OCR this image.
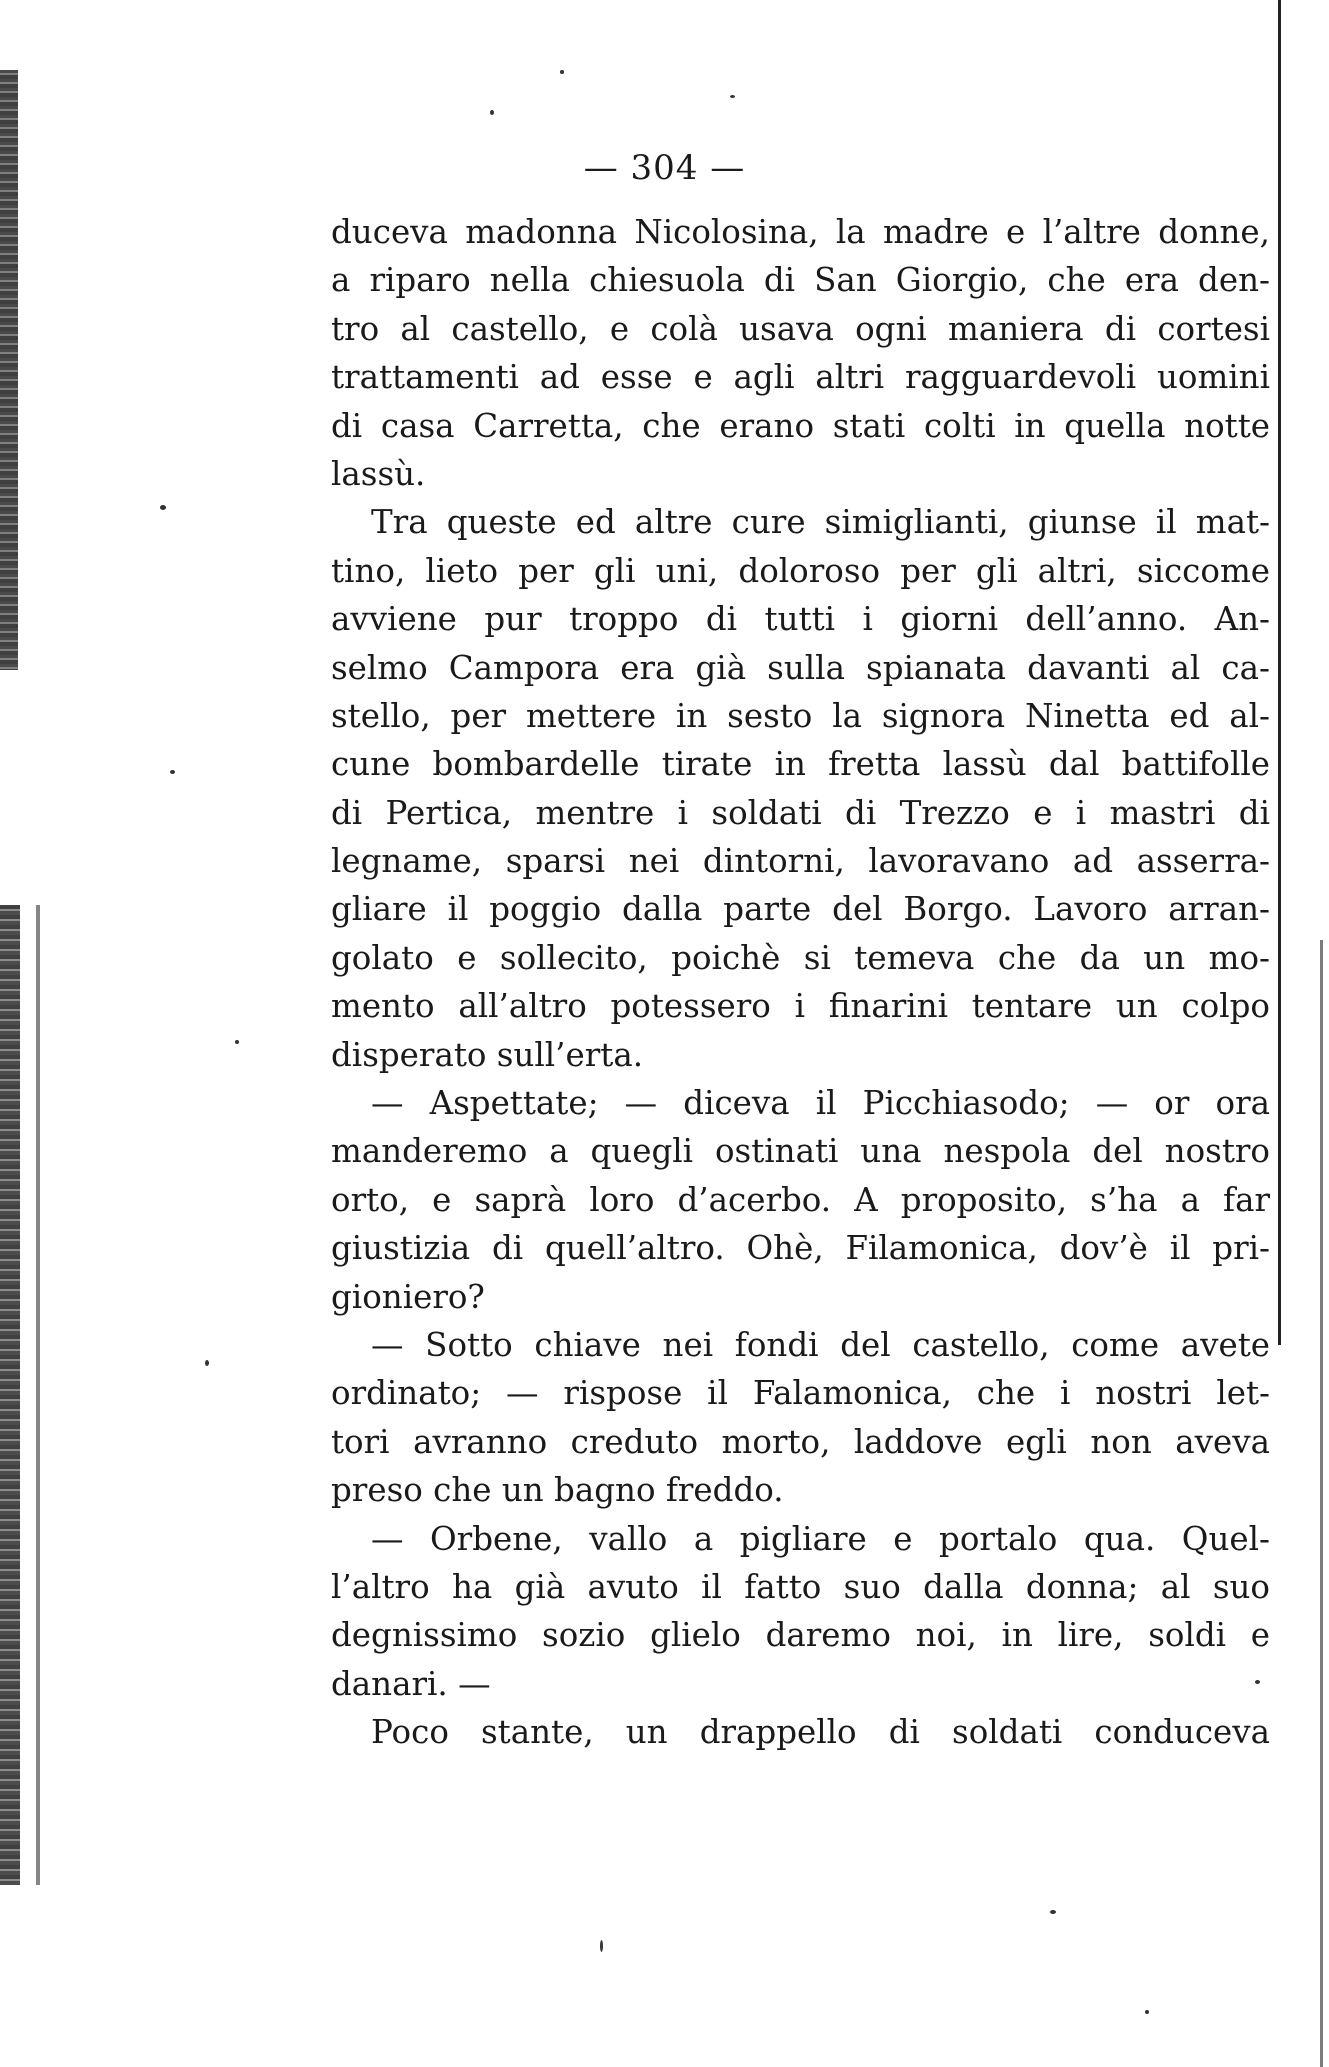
— 304 —
duceva madonna Nicolosina, la madre e l’altre donne,
a riparo nella chiesuola di San Giorgio, che era den-
tro al castello, e colà usava ogni maniera di cortesi
trattamenti ad esse e agli altri ragguardevoli uomini
di casa Carretta, che erano stati colti in quella notte
lassù.
Tra queste ed altre cure simiglianti, giunse il mat-
tino, lieto per gli uni, doloroso per gli altri, siccome
avviene pur troppo di tutti i giorni dell’anno. An-
selmo Campora era già sulla spianata davanti al ca-
stello, per mettere in sesto la signora Ninetta ed al-
cune bombardelle tirate in fretta lassù dal battifolle
di Pertica, mentre i soldati di Trezzo e i mastri di
legname, sparsi nei dintorni, lavoravano ad asserra-
gliare il poggio dalla parte del Borgo. Lavoro arran-
golato e sollecito, poichè si temeva che da un mo-
mento all’altro potessero i finarini tentare un colpo
disperato sull’erta.
— Aspettate; — diceva il Picchiasodo; — or ora
manderemo a quegli ostinati una nespola del nostro
orto, e saprà loro d’acerbo. A proposito, s’ha a far
giustizia di quell’altro. Ohè, Filamonica, dov’è il pri-
gioniero?
— Sotto chiave nei fondi del castello, come avete
ordinato; — rispose il Falamonica, che i nostri let-
tori avranno creduto morto, laddove egli non aveva
preso che un bagno freddo.
— Orbene, vallo a pigliare e portalo qua. Quel-
l’altro ha già avuto il fatto suo dalla donna; al suo
degnissimo sozio glielo daremo noi, in lire, soldi e
danari. —
Poco stante, un drappello di soldati conduceva
